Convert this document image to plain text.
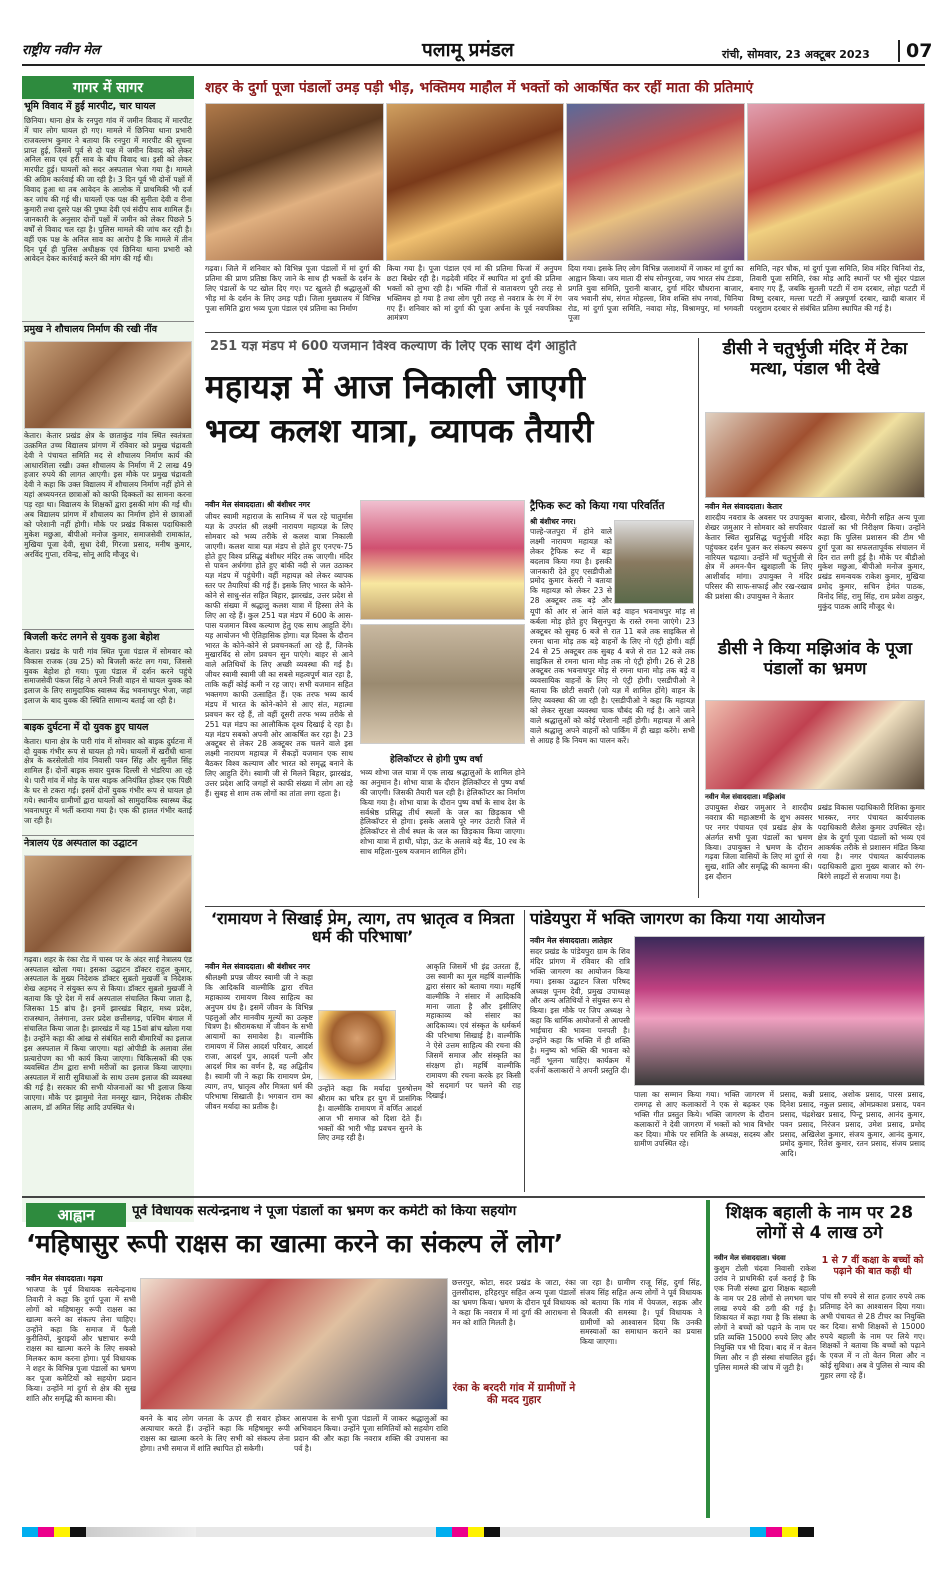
राष्ट्रीय नवीन मेल	पलामू प्रमंडल	रांची, सोमवार, 23 अक्टूबर 2023	07
गागर में सागर
भूमि विवाद में हुई मारपीट, चार घायल
छिनिया। थाना क्षेत्र के रनपुरा गांव में जमीन विवाद में मारपीट में चार लोग घायल हो गए। मामले में छिनिया थाना प्रभारी राजवल्लभ कुमार ने बताया कि रनपुरा में मारपीट की सूचना प्राप्त हुई, जिसमें पूर्व से दो पक्ष में जमीन विवाद को लेकर अनिल साव एवं हरी साव के बीच विवाद था। इसी को लेकर मारपीट हुई। घायलों को सदर अस्पताल भेजा गया है। मामले की अग्रिम कार्रवाई की जा रही है। 3 दिन पूर्व भी दोनों पक्षों में विवाद हुआ था तब आवेदन के आलोक में प्राथमिकी भी दर्ज कर जांच की गई थी। घायलों एक पक्ष की सुनीता देवी व रीना कुमारी तथा दूसरे पक्ष की पुष्पा देवी एवं संदीप साव शामिल हैं। जानकारी के अनुसार दोनों पक्षों में जमीन को लेकर पिछले 5 वर्षों से विवाद चल रहा है। पुलिस मामले की जांच कर रही है। वहीं एक पक्ष के अनिल साव का आरोप है कि मामले में तीन दिन पूर्व ही पुलिस अधीक्षक एवं छिनिया थाना प्रभारी को आवेदन देकर कार्रवाई करने की मांग की गई थी।
प्रमुख ने शौचालय निर्माण की रखी नींव
केतार। केतार प्रखंड क्षेत्र के छाताकुंड गांव स्थित स्वतंत्रता उत्क्रमित उच्च विद्यालय प्रांगण में रविवार को प्रमुख चंद्रावती देवी ने पंचायत समिति मद से शौचालय निर्माण कार्य की आधारशिला रखी। उक्त शौचालय के निर्माण में 2 लाख 49 हजार रुपये की लागत आएगी। इस मौके पर प्रमुख चंद्रावती देवी ने कहा कि उक्त विद्यालय में शौचालय निर्माण नहीं होने से यहां अध्ययनरत छात्राओं को काफी दिक्कतों का सामना करना पड़ रहा था। विद्यालय के शिक्षकों द्वारा इसकी मांग की गई थी। अब विद्यालय प्रांगण में शौचालय का निर्माण होने से छात्राओं को परेशानी नहीं होगी। मौके पर प्रखंड विकास पदाधिकारी मुकेश मछुआ, बीपीओ मनोज कुमार, समाजसेवी रामाकांत, मुखिया पूजा देवी, सुधा देवी, गिरजा प्रसाद, मनीष कुमार, अरविंद गुप्ता, रविन्द्र, सोनू आदि मौजूद थे।
बिजली करंट लगने से युवक हुआ बेहोश
केतार। प्रखंड के पारी गांव स्थित पूजा पंडाल में सोमवार को विकास राजक (उम्र 25) को बिजली करंट लग गया, जिससे युवक बेहोश हो गया। पूजा पंडाल में दर्शन करने पहुंचे समाजसेवी पंकज सिंह ने अपने निजी वाहन से घायल युवक को इलाज के लिए सामुदायिक स्वास्थ्य केंद्र भवनाथपुर भेजा, जहां इलाज के बाद युवक की स्थिति सामान्य बताई जा रही है।
बाइक दुर्घटना में दो युवक हुए घायल
केतार। थाना क्षेत्र के पारी गांव में सोमवार को बाइक दुर्घटना में दो युवक गंभीर रूप से घायल हो गये। घायलों में खरौंधी थाना क्षेत्र के करसेलोती गांव निवासी पवन सिंह और सुनील सिंह शामिल हैं। दोनों बाइक सवार युवक दिल्ली से भंडरिया आ रहे थे। पारी गांव में मोड़ के पास बाइक अनियंत्रित होकर एक पिछी के घर से टकरा गई। इसमें दोनों युवक गंभीर रूप से घायल हो गये। स्थानीय ग्रामीणों द्वारा घायलों को सामुदायिक स्वास्थ्य केंद्र भवनाथपुर में भर्ती कराया गया है। एक की हालत गंभीर बताई जा रही है।
नेत्रालय एंड अस्पताल का उद्घाटन
गढ़वा। शहर के रंका रोड में चास्व पर के अंदर साईं नेत्रालय एंड अस्पताल खोला गया। इसका उद्घाटन डॉक्टर राहुल कुमार, अस्पताल के मुख्य निदेशक डॉक्टर सुब्रतो मुखर्जी व निदेशक शेख अहमद ने संयुक्त रूप से किया। डॉक्टर सुब्रतो मुखर्जी ने बताया कि पूरे देश में सर्व अस्पताल संचालित किया जाता है, जिसका 15 ब्रांच है। इनमें झारखंड बिहार, मध्य प्रदेश, राजस्थान, तेलंगाना, उत्तर प्रदेश छत्तीसगढ़, पश्चिम बंगाल में संचालित किया जाता है। झारखंड में यह 15वां ब्रांच खोला गया है। उन्होंने कहा की आंख से संबंधित सारी बीमारियों का इलाज इस अस्पताल में किया जाएगा। यहां ओपीडी के अलावा लेंस प्रत्यारोपण का भी कार्य किया जाएगा। चिकित्सकों की एक व्यवस्थित टीम द्वारा सभी मरीजों का इलाज किया जाएगा। अस्पताल में सारी सुविधाओं के साथ उत्तम इलाज की व्यवस्था की गई है। सरकार की सभी योजनाओं का भी इलाज किया जाएगा। मौके पर झामुमो नेता मनसूर खान, निदेशक तौकीर आलम, डॉ अमित सिंह आदि उपस्थित थे।
शहर के दुर्गा पूजा पंडालों उमड़ पड़ी भीड़, भक्तिमय माहौल में भक्तों को आकर्षित कर रहीं माता की प्रतिमाएं
गढ़वा। जिले में शनिवार को विभिन्न पूजा पंडालों में मां दुर्गा की प्रतिमा की प्राण प्रतिष्ठा किए जाने के साथ ही भक्तों के दर्शन के लिए पंडालों के पट खोल दिए गए। पट खुलते ही श्रद्धालुओं की भीड़ मां के दर्शन के लिए उमड़ पड़ी। जिला मुख्यालय में विभिन्न पूजा समिति द्वारा भव्य पूजा पंडाल एवं प्रतिमा का निर्माण
किया गया है। पूजा पंडाल एवं मां की प्रतिमा फिजां में अनुपम छटा बिखेर रही है। गढ़देवी मंदिर में स्थापित मां दुर्गा की प्रतिमा भक्तों को लुभा रही है। भक्ति गीतों से वातावरण पूरी तरह से भक्तिमय हो गया है तथा लोग पूरी तरह से नवरात्र के रंग में रंग गए हैं। शनिवार को मां दुर्गा की पूजा अर्चना के पूर्व नवपत्रिका आमंत्रण
दिया गया। इसके लिए लोग विभिन्न जलाशयों में जाकर मां दुर्गा का आह्वान किया। जय माता दी संघ सोनपुरवा, जय भारत संघ टंडवा, प्रगति युवा समिति, पुरानी बाजार, दुर्गा मंदिर चौधराना बाजार, जय भवानी संघ, संगत मोहल्ला, शिव शक्ति संघ नगवां, चिनिया रोड, मां दुर्गा पूजा समिति, नवादा मोड़, विश्रामपुर, मां भगवती पूजा
समिति, नहर चौक, मां दुर्गा पूजा समिति, शिव मंदिर चिनियां रोड, तिवारी पूजा समिति, रंका मोड़ आदि स्थानों पर भी सुंदर पंडाल बनाए गए हैं, जबकि सुतली पटटी में राम दरबार, लोहा पटटी में विष्णु दरबार, मल्ला पटटी में अन्नपूर्णा दरबार, खादी बाजार में परशुराम दरबार से संबंधित प्रतिमा स्थापित की गई है।
251 यज्ञ मंडप में 600 यजमान विश्व कल्याण के लिए एक साथ देंगे आहुति
महायज्ञ में आज निकाली जाएगी
भव्य कलश यात्रा, व्यापक तैयारी
नवीन मेल संवाददाता। श्री बंशीधर नगर
जीयर स्वामी महाराज के सानिध्य में चल रहे चातुर्मास यज्ञ के उपरांत श्री लक्ष्मी नारायण महायज्ञ के लिए सोमवार को भव्य तरीके से कलश यात्रा निकाली जाएगी। कलश यात्रा यज्ञ मंडप से होते हुए एनएच-75 होते हुए विश्व प्रसिद्ध बंशीधर मंदिर तक जाएगी। मंदिर से पावन अर्धगंगा होते हुए बांकी नदी से जल उठाकर यज्ञ मंडप में पहुंचेगी। वहीं महायज्ञ को लेकर व्यापक स्तर पर तैयारियां की गई हैं। इसके लिए भारत के कोने-कोने से साधु-संत सहित बिहार, झारखंड, उत्तर प्रदेश से काफी संख्या में श्रद्धालु कलश यात्रा में हिस्सा लेने के लिए आ रहे हैं। कुल 251 यज्ञ मंडप में 600 के आस-पास यजमान विश्व कल्याण हेतु एक साथ आहुति देंगे। यह आयोजन भी ऐतिहासिक होगा। यज्ञ दिवस के दौरान भारत के कोने-कोने से प्रवचनकर्ता आ रहे हैं, जिनके मुखारविंद से लोग प्रवचन सुन पाएंगे। बाहर से आने वाले अतिथियों के लिए अच्छी व्यवस्था की गई है। जीयर स्वामी स्वामी जी का सबसे महत्वपूर्ण बात रहा है, ताकि कहीं कोई कमी न रह जाए। सभी यजमान सहित भक्तगण काफी उत्साहित हैं। एक तरफ भव्य कार्य मंडप में भारत के कोने-कोने से आए संत, महात्मा प्रवचन कर रहे हैं, तो वहीं दूसरी तरफ भव्य तरीके से 251 यज्ञ मंडप का आलौकिक दृश्य दिखाई दे रहा है। यज्ञ मंडप सबको अपनी ओर आकर्षित कर रहा है। 23 अक्टूबर से लेकर 28 अक्टूबर तक चलने वाले इस लक्ष्मी नारायण महायज्ञ में सैकड़ों यजमान एक साथ बैठकर विश्व कल्याण और भारत को समृद्ध बनाने के लिए आहुति देंगे। स्वामी जी से मिलने बिहार, झारखंड, उत्तर प्रदेश आदि जगहों से काफी संख्या में लोग आ रहे हैं। सुबह से शाम तक लोगों का तांता लगा रहता है।
हेलिकॉप्टर से होगी पुष्प वर्षा
भव्य शोभा जल यात्रा में एक लाख श्रद्धालुओं के शामिल होने का अनुमान है। शोभा यात्रा के दौरान हेलिकॉप्टर से पुष्प वर्षा की जाएगी। जिसकी तैयारी चल रही है। हेलिकॉप्टर का निर्माण किया गया है। शोभा यात्रा के दौरान पुष्प वर्षा के साथ देश के सर्वश्रेष्ठ प्रसिद्ध तीर्थ स्थलों के जल का छिड़काव भी हेलिकॉप्टर से होगा। इसके अलावे पूरे नगर उंटारी जिले में हेलिकॉप्टर से तीर्थ स्थल के जल का छिड़काव किया जाएगा। शोभा यात्रा में हाथी, घोड़ा, ऊंट के अलावे बड़े बैंड, 10 रथ के साथ महिला-पुरुष यजमान शामिल होंगे।
ट्रैफिक रूट को किया गया परिवर्तित
श्री बंशीधर नगर।
पाल्हे-जतपुरा में होने वाले लक्ष्मी नारायण महायज्ञ को लेकर ट्रैफिक रूट में बड़ा बदलाव किया गया है। इसकी जानकारी देते हुए एसडीपीओ प्रमोद कुमार केसरी ने बताया कि महायज्ञ को लेकर 23 से 28 अक्टूबर तक बड़े और
यूपी की ओर से आने वाले बड़े वाहन भवनाथपुर मोड़ से कर्बला मोड़ होते हुए बिसुनपुरा के रास्ते रमना जाएंगे। 23 अक्टूबर को सुबह 6 बजे से रात 11 बजे तक साइकिल से रमना थाना मोड़ तक बड़े वाहनों के लिए नो एंट्री होगी। वहीं 24 से 25 अक्टूबर तक सुबह 4 बजे से रात 12 बजे तक साइकिल से रमना थाना मोड़ तक नो एंट्री होगी। 26 से 28 अक्टूबर तक भवनाथपुर मोड़ से रमना थाना मोड़ तक बड़े व व्यवसायिक वाहनों के लिए नो एंट्री होगी। एसडीपीओ ने बताया कि छोटी सवारी (जो यज्ञ में शामिल होंगे) वाहन के लिए व्यवस्था की जा रही है। एसडीपीओ ने कहा कि महायज्ञ को लेकर सुरक्षा व्यवस्था चाक चौबंद की गई है। आने जाने वाले श्रद्धालुओं को कोई परेशानी नहीं होगी। महायज्ञ में आने वाले श्रद्धालु अपने वाहनों को पार्किंग में ही खड़ा करेंगे। सभी से आग्रह है कि नियम का पालन करें।
डीसी ने चतुर्भुजी मंदिर में टेका मत्था, पंडाल भी देखे
नवीन मेल संवाददाता। केतार
शारदीय नवरात्र के अवसर पर उपायुक्त शेखर जमुआर ने सोमवार को सपरिवार केतार स्थित सुप्रसिद्ध चतुर्भुजी मंदिर पहुंचकर दर्शन पूजन कर संकल्प स्वरूप नारियल चढ़ाया। उन्होंने माँ चतुर्भुजी से क्षेत्र में अमन-चैन खुशहाली के लिए आशीर्वाद मांगा। उपायुक्त ने मंदिर परिसर की साफ-सफाई और रख-रखाव की प्रशंसा की। उपायुक्त ने केतार
बाजार, खैरवा, मेरौनी सहित अन्य पूजा पंडालों का भी निरीक्षण किया। उन्होंने कहा कि पुलिस प्रशासन की टीम भी दुर्गा पूजा का सफलतापूर्वक संचालन में दिन रात लगी हुई है। मौके पर बीडीओ मुकेश मछुआ, बीपीओ मनोज कुमार, प्रखंड समन्वयक राकेश कुमार, मुखिया प्रमोद कुमार, सचिन हेमंत पाठक, विनोद सिंह, रामु सिंह, राम प्रवेश ठाकुर, मुकुंद पाठक आदि मौजूद थे।
डीसी ने किया मझिआंव के पूजा पंडालों का भ्रमण
नवीन मेल संवाददाता। मझिआंव
उपायुक्त शेखर जमुआर ने शारदीय नवरात्र की महाअष्टमी के शुभ अवसर पर नगर पंचायत एवं प्रखंड क्षेत्र के अंतर्गत सभी पूजा पंडालों का भ्रमण किया। उपायुक्त ने भ्रमण के दौरान गढ़वा जिला वासियों के लिए मां दुर्गा से सुख, शांति और समृद्धि की कामना की। इस दौरान
प्रखंड विकास पदाधिकारी रिशिका कुमार भास्कर, नगर पंचायत कार्यपालक पदाधिकारी शैलेश कुमार उपस्थित रहे। क्षेत्र के दुर्गा पूजा पंडालों को भव्य एवं आकर्षक तरीके से प्रशासन मंडित किया गया है। नगर पंचायत कार्यपालक पदाधिकारी द्वारा मुख्य बाजार को रंग-बिरंगे लाइटों से सजाया गया है।
‘रामायण ने सिखाई प्रेम, त्याग, तप भ्रातृत्व व मित्रता धर्म की परिभाषा’
नवीन मेल संवाददाता। श्री बंशीधर नगर
श्रीलक्ष्मी प्रपन्न जीयर स्वामी जी ने कहा कि आदिकवि वाल्मीकि द्वारा रचित महाकाव्य रामायण विश्व साहित्य का अनुपम ग्रंथ है। इसमें जीवन के विभिन्न पहलुओं और मानवीय मूल्यों का उत्कृष्ट चित्रण है। श्रीरामकथा में जीवन के सभी आयामों का समावेश है। वाल्मीकि रामायण में जिस आदर्श परिवार, आदर्श राजा, आदर्श पुत्र, आदर्श पत्नी और आदर्श मित्र का वर्णन है, वह अद्वितीय है। स्वामी जी ने कहा कि रामायण प्रेम, त्याग, तप, भ्रातृत्व और मित्रता धर्म की परिभाषा सिखाती है। भगवान राम का जीवन मर्यादा का प्रतीक है।
उन्होंने कहा कि मर्यादा पुरुषोत्तम श्रीराम का चरित्र हर युग में प्रासंगिक है। वाल्मीकि रामायण में वर्णित आदर्श आज भी समाज को दिशा देते हैं। भक्तों की भारी भीड़ प्रवचन सुनने के लिए उमड़ रही है।
आकृति जिसमें भी इंद्र उतरता हैं, उस स्वामी का मूल महर्षि वाल्मीकि द्वारा संसार को बताया गया। महर्षि वाल्मीकि ने संसार में आदिकवि माना जाता है और इसीलिए महाकाव्य को संसार का आदिकाव्य। एवं संस्कृत के धर्मकर्म की परिभाषा सिखाई है। वाल्मीकि ने ऐसे उत्तम साहित्य की रचना की जिसमें समाज और संस्कृति का संरक्षण हो। महर्षि वाल्मीकि रामायण की रचना करके हर किसी को सदमार्ग पर चलने की राह दिखाई।
पांडेयपुरा में भक्ति जागरण का किया गया आयोजन
नवीन मेल संवाददाता। लातेहार
सदर प्रखंड के पांडेयपुरा ग्राम के शिव मंदिर प्रांगण में रविवार की रात्रि भक्ति जागरण का आयोजन किया गया। इसका उद्घाटन जिला परिषद अध्यक्ष पूनम देवी, प्रमुख उपाध्यक्ष और अन्य अतिथियों ने संयुक्त रूप से किया। इस मौके पर जिप अध्यक्ष ने कहा कि धार्मिक आयोजनों से आपसी भाईचारा की भावना पनपती है। उन्होंने कहा कि भक्ति में ही शक्ति है। मनुष्य को भक्ति की भावना को नहीं भूलना चाहिए। कार्यक्रम में दर्जनों कलाकारों ने अपनी प्रस्तुति दी।
पाला का सम्मान किया गया। भक्ति जागरण में रामगढ़ से आए कलाकारों ने एक से बढ़कर एक भक्ति गीत प्रस्तुत किये। भक्ति जागरण के दौरान कलाकारों ने देवी जागरण में भक्तों को भाव विभोर कर दिया। मौके पर समिति के अध्यक्ष, सदस्य और ग्रामीण उपस्थित रहे।
प्रसाद, कन्नी प्रसाद, अशोक प्रसाद, पारस प्रसाद, दिनेश प्रसाद, नकुल प्रसाद, ओमप्रकाश प्रसाद, पवन प्रसाद, चंद्रशेखर प्रसाद, पिन्टू प्रसाद, आनंद कुमार, पवन प्रसाद, निरंजन प्रसाद, उमेश प्रसाद, प्रमोद प्रसाद, अखिलेश कुमार, संजय कुमार, आनंद कुमार, प्रमोद कुमार, रितेश कुमार, रतन प्रसाद, संजय प्रसाद आदि।
आह्वान	पूर्व विधायक सत्येन्द्रनाथ ने पूजा पंडालों का भ्रमण कर कमेटी को किया सहयोग
‘महिषासुर रूपी राक्षस का खात्मा करने का संकल्प लें लोग’
नवीन मेल संवाददाता। गढ़वा
भाजपा के पूर्व विधायक सत्येन्द्रनाथ तिवारी ने कहा कि दुर्गा पूजा में सभी लोगों को महिषासुर रूपी राक्षस का खात्मा करने का संकल्प लेना चाहिए। उन्होंने कहा कि समाज में फैली कुरीतियों, बुराइयों और भ्रष्टाचार रूपी राक्षस का खात्मा करने के लिए सबको मिलकर काम करना होगा। पूर्व विधायक ने शहर के विभिन्न पूजा पंडालों का भ्रमण कर पूजा कमेटियों को सहयोग प्रदान किया। उन्होंने मां दुर्गा से क्षेत्र की सुख शांति और समृद्धि की कामना की।
बनने के बाद लोग जनता के ऊपर ही सवार होकर अत्याचार करते हैं। उन्होंने कहा कि महिषासुर रूपी राक्षस का खात्मा करने के लिए सभी को संकल्प लेना होगा। तभी समाज में शांति स्थापित हो सकेगी।
आसपास के सभी पूजा पंडालों में जाकर श्रद्धालुओं का अभिवादन किया। उन्होंने पूजा समितियों को सहयोग राशि प्रदान की और कहा कि नवरात्र शक्ति की उपासना का पर्व है।
छत्तरपुर, कोटा, सदर प्रखंड के जाटा, रंका तुलसीदास, हरिहरपुर सहित अन्य पूजा पंडालों का भ्रमण किया। भ्रमण के दौरान पूर्व विधायक ने कहा कि नवरात्र में मां दुर्गा की आराधना से मन को शांति मिलती है।
रंका के बरदरी गांव में ग्रामीणों ने की मदद गुहार
जा रहा है। ग्रामीण राजू सिंह, दुर्गा सिंह, संजय सिंह सहित अन्य लोगों ने पूर्व विधायक को बताया कि गांव में पेयजल, सड़क और बिजली की समस्या है। पूर्व विधायक ने ग्रामीणों को आश्वासन दिया कि उनकी समस्याओं का समाधान कराने का प्रयास किया जाएगा।
शिक्षक बहाली के नाम पर 28 लोगों से 4 लाख ठगे
नवीन मेल संवाददाता। चंदवा
कुशुम टोली चंदवा निवासी राकेश उरांव ने प्राथमिकी दर्ज कराई है कि एक निजी संस्था द्वारा शिक्षक बहाली के नाम पर 28 लोगों से लगभग चार लाख रुपये की ठगी की गई है। शिकायत में कहा गया है कि संस्था के लोगों ने बच्चों को पढ़ाने के नाम पर प्रति व्यक्ति 15000 रुपये लिए और नियुक्ति पत्र भी दिया। बाद में न वेतन मिला और न ही संस्था संचालित हुई। पुलिस मामले की जांच में जुटी है।
1 से 7 वीं कक्षा के बच्चों को पढ़ाने की बात कही थी
पांच सौ रुपये से सात हजार रुपये तक प्रतिमाह देने का आश्वासन दिया गया। अभी पंचायत से 28 टीचर का नियुक्ति कर दिया। सभी शिक्षकों से 15000 रुपये बहाली के नाम पर लिये गए। शिक्षकों ने बताया कि बच्चों को पढ़ाने के एवज में न तो वेतन मिला और न कोई सुविधा। अब वे पुलिस से न्याय की गुहार लगा रहे हैं।
